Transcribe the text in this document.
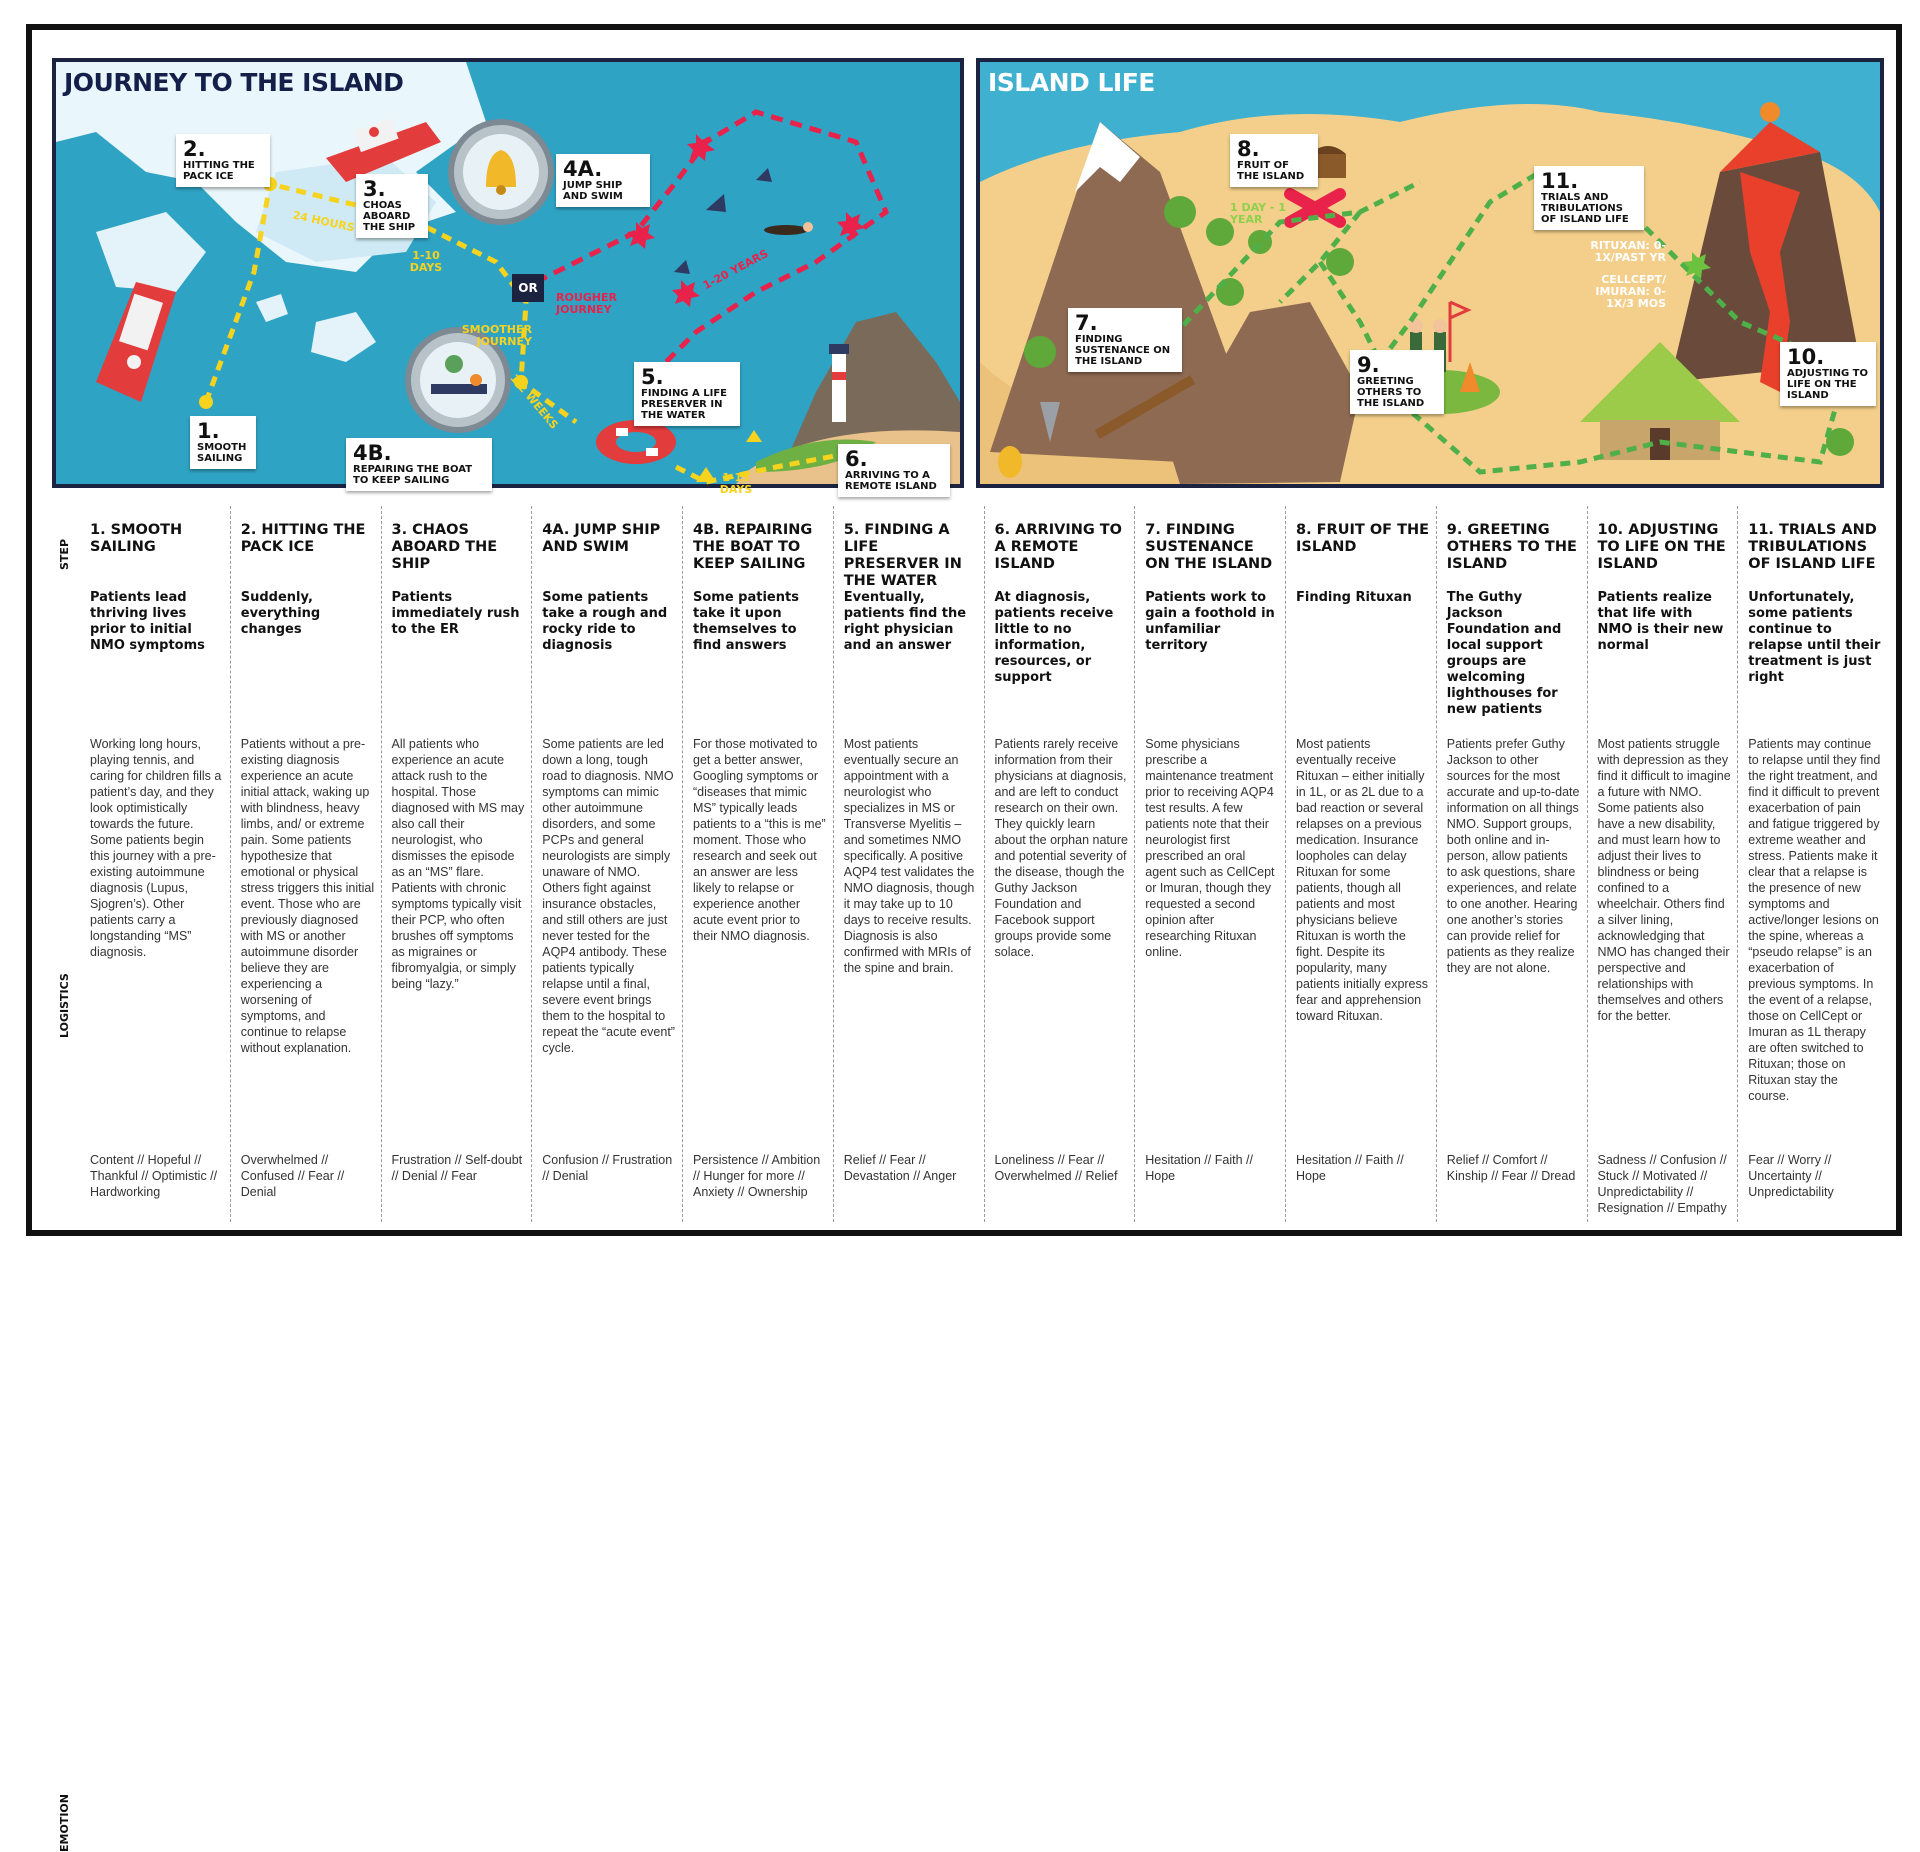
JOURNEY TO THE ISLAND
2.
HITTING THE PACK ICE
3.
CHOAS ABOARD THE SHIP
4A.
JUMP SHIP AND SWIM
1.
SMOOTH SAILING	4B.
REPAIRING THE BOAT TO KEEP SAILING
5.
FINDING A LIFE PRESERVER IN THE WATER
6.
ARRIVING TO A REMOTE ISLAND
24 HOURS
1-10 DAYS
OR
ROUGHER JOURNEY
SMOOTHER JOURNEY
1-20 YEARS
1-2 WEEKS
1-15 DAYS
ISLAND LIFE
8.
FRUIT OF THE ISLAND
7.
FINDING SUSTENANCE ON THE ISLAND	9.
GREETING OTHERS TO THE ISLAND
11.
TRIALS AND TRIBULATIONS OF ISLAND LIFE
10.
ADJUSTING TO LIFE ON THE ISLAND
1 DAY - 1 YEAR
RITUXAN: 0-1X/PAST YR
CELLCEPT/ IMURAN: 0-1X/3 MOS
STEP
LOGISTICS
EMOTION
1. SMOOTH SAILING
Patients lead thriving lives prior to initial NMO symptoms
Working long hours, playing tennis, and caring for children fills a patient’s day, and they look optimistically towards the future. Some patients begin this journey with a pre-existing autoimmune diagnosis (Lupus, Sjogren’s). Other patients carry a longstanding “MS” diagnosis.
Content // Hopeful // Thankful // Optimistic // Hardworking
2. HITTING THE PACK ICE
Suddenly, everything changes
Patients without a pre-existing diagnosis experience an acute initial attack, waking up with blindness, heavy limbs, and/ or extreme pain. Some patients hypothesize that emotional or physical stress triggers this initial event. Those who are previously diagnosed with MS or another autoimmune disorder believe they are experiencing a worsening of symptoms, and continue to relapse without explanation.
Overwhelmed // Confused // Fear // Denial
3. CHAOS ABOARD THE SHIP
Patients immediately rush to the ER
All patients who experience an acute attack rush to the hospital. Those diagnosed with MS may also call their neurologist, who dismisses the episode as an “MS” flare. Patients with chronic symptoms typically visit their PCP, who often brushes off symptoms as migraines or fibromyalgia, or simply being “lazy.”
Frustration // Self-doubt // Denial // Fear
4A. JUMP SHIP AND SWIM
Some patients take a rough and rocky ride to diagnosis
Some patients are led down a long, tough road to diagnosis. NMO symptoms can mimic other autoimmune disorders, and some PCPs and general neurologists are simply unaware of NMO. Others fight against insurance obstacles, and still others are just never tested for the AQP4 antibody. These patients typically relapse until a final, severe event brings them to the hospital to repeat the “acute event” cycle.
Confusion // Frustration // Denial
4B. REPAIRING THE BOAT TO KEEP SAILING
Some patients take it upon themselves to find answers
For those motivated to get a better answer, Googling symptoms or “diseases that mimic MS” typically leads patients to a “this is me” moment. Those who research and seek out an answer are less likely to relapse or experience another acute event prior to their NMO diagnosis.
Persistence // Ambition // Hunger for more // Anxiety // Ownership
5. FINDING A LIFE PRESERVER IN THE WATER
Eventually, patients find the right physician and an answer
Most patients eventually secure an appointment with a neurologist who specializes in MS or Transverse Myelitis – and sometimes NMO specifically. A positive AQP4 test validates the NMO diagnosis, though it may take up to 10 days to receive results. Diagnosis is also confirmed with MRIs of the spine and brain.
Relief // Fear // Devastation // Anger
6. ARRIVING TO A REMOTE ISLAND
At diagnosis, patients receive little to no information, resources, or support
Patients rarely receive information from their physicians at diagnosis, and are left to conduct research on their own. They quickly learn about the orphan nature and potential severity of the disease, though the Guthy Jackson Foundation and Facebook support groups provide some solace.
Loneliness // Fear // Overwhelmed // Relief
7. FINDING SUSTENANCE ON THE ISLAND
Patients work to gain a foothold in unfamiliar territory
Some physicians prescribe a maintenance treatment prior to receiving AQP4 test results. A few patients note that their neurologist first prescribed an oral agent such as CellCept or Imuran, though they requested a second opinion after researching Rituxan online.
Hesitation // Faith // Hope
8. FRUIT OF THE ISLAND
Finding Rituxan
Most patients eventually receive Rituxan – either initially in 1L, or as 2L due to a bad reaction or several relapses on a previous medication. Insurance loopholes can delay Rituxan for some patients, though all patients and most physicians believe Rituxan is worth the fight. Despite its popularity, many patients initially express fear and apprehension toward Rituxan.
Hesitation // Faith // Hope
9. GREETING OTHERS TO THE ISLAND
The Guthy Jackson Foundation and local support groups are welcoming lighthouses for new patients
Patients prefer Guthy Jackson to other sources for the most accurate and up-to-date information on all things NMO. Support groups, both online and in-person, allow patients to ask questions, share experiences, and relate to one another. Hearing one another’s stories can provide relief for patients as they realize they are not alone.
Relief // Comfort // Kinship // Fear // Dread
10. ADJUSTING TO LIFE ON THE ISLAND
Patients realize that life with NMO is their new normal
Most patients struggle with depression as they find it difficult to imagine a future with NMO. Some patients also have a new disability, and must learn how to adjust their lives to blindness or being confined to a wheelchair. Others find a silver lining, acknowledging that NMO has changed their perspective and relationships with themselves and others for the better.
Sadness // Confusion // Stuck // Motivated // Unpredictability // Resignation // Empathy
11. TRIALS AND TRIBULATIONS OF ISLAND LIFE
Unfortunately, some patients continue to relapse until their treatment is just right
Patients may continue to relapse until they find the right treatment, and find it difficult to prevent exacerbation of pain and fatigue triggered by extreme weather and stress. Patients make it clear that a relapse is the presence of new symptoms and active/longer lesions on the spine, whereas a “pseudo relapse” is an exacerbation of previous symptoms. In the event of a relapse, those on CellCept or Imuran as 1L therapy are often switched to Rituxan; those on Rituxan stay the course.
Fear // Worry // Uncertainty // Unpredictability
